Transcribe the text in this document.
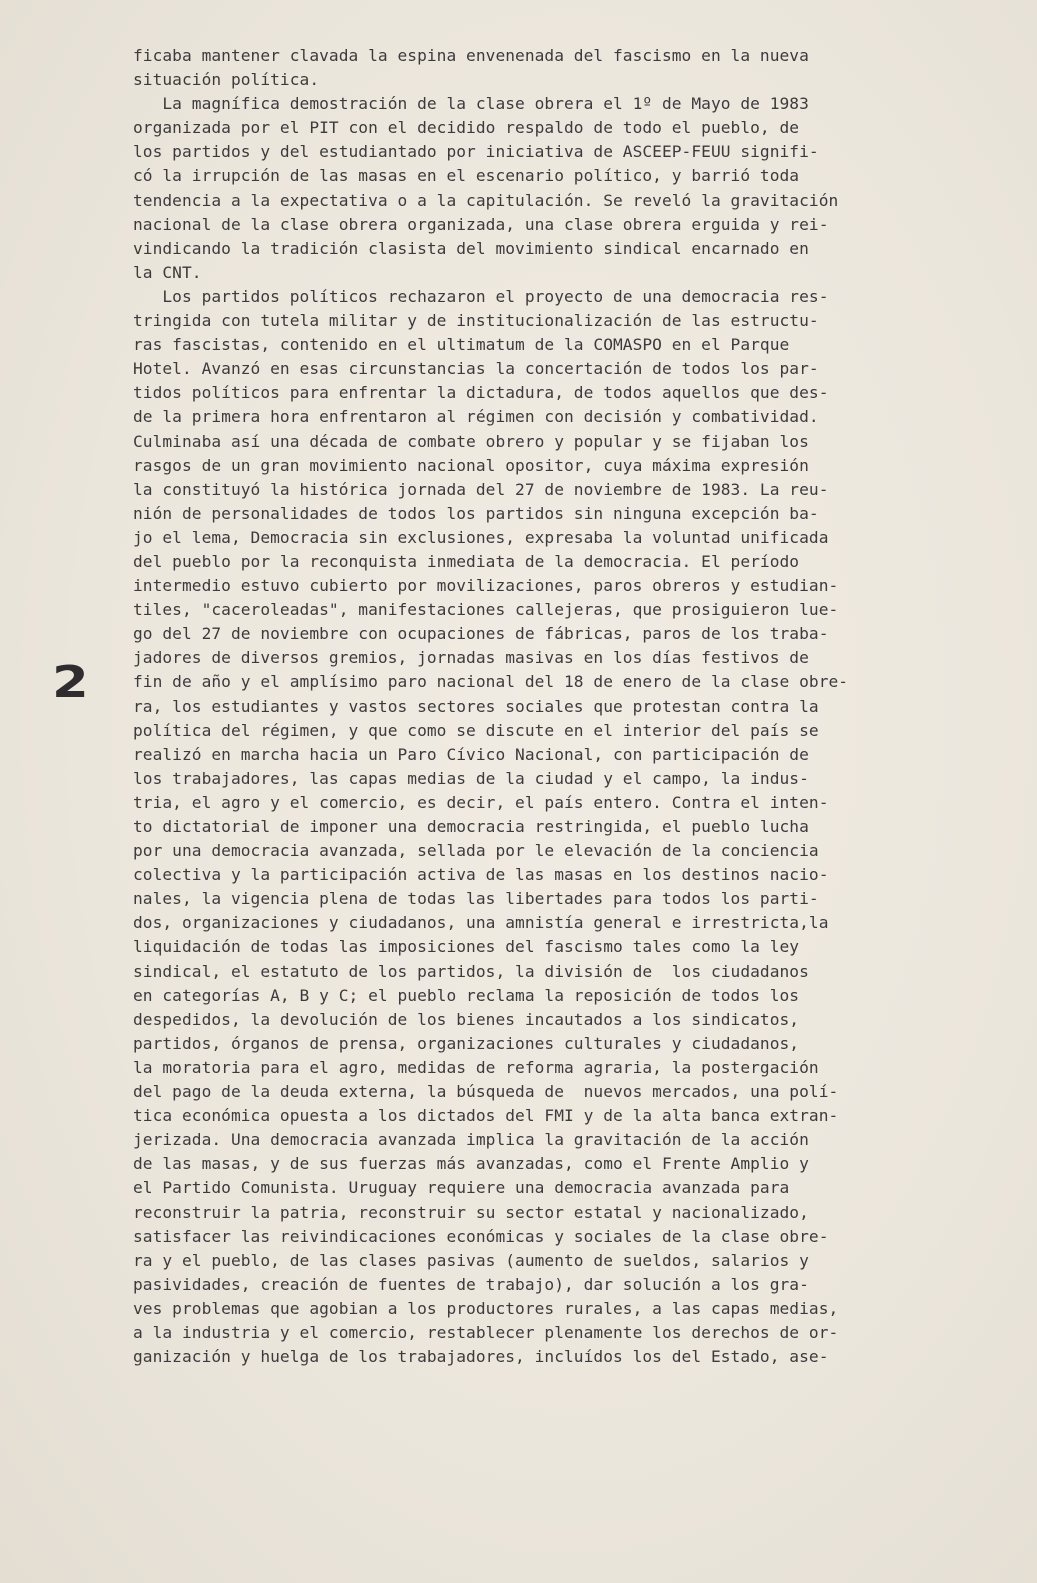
ficaba mantener clavada la espina envenenada del fascismo en la nueva
situación política.
La magnífica demostración de la clase obrera el 1º de Mayo de 1983
organizada por el PIT con el decidido respaldo de todo el pueblo, de
los partidos y del estudiantado por iniciativa de ASCEEP-FEUU signifi-
có la irrupción de las masas en el escenario político, y barrió toda
tendencia a la expectativa o a la capitulación. Se reveló la gravitación
nacional de la clase obrera organizada, una clase obrera erguida y rei-
vindicando la tradición clasista del movimiento sindical encarnado en
la CNT.
Los partidos políticos rechazaron el proyecto de una democracia res-
tringida con tutela militar y de institucionalización de las estructu-
ras fascistas, contenido en el ultimatum de la COMASPO en el Parque
Hotel. Avanzó en esas circunstancias la concertación de todos los par-
tidos políticos para enfrentar la dictadura, de todos aquellos que des-
de la primera hora enfrentaron al régimen con decisión y combatividad.
Culminaba así una década de combate obrero y popular y se fijaban los
rasgos de un gran movimiento nacional opositor, cuya máxima expresión
la constituyó la histórica jornada del 27 de noviembre de 1983. La reu-
nión de personalidades de todos los partidos sin ninguna excepción ba-
jo el lema, Democracia sin exclusiones, expresaba la voluntad unificada
del pueblo por la reconquista inmediata de la democracia. El período
intermedio estuvo cubierto por movilizaciones, paros obreros y estudian-
tiles, "caceroleadas", manifestaciones callejeras, que prosiguieron lue-
go del 27 de noviembre con ocupaciones de fábricas, paros de los traba-
jadores de diversos gremios, jornadas masivas en los días festivos de
fin de año y el amplísimo paro nacional del 18 de enero de la clase obre-
ra, los estudiantes y vastos sectores sociales que protestan contra la
política del régimen, y que como se discute en el interior del país se
realizó en marcha hacia un Paro Cívico Nacional, con participación de
los trabajadores, las capas medias de la ciudad y el campo, la indus-
tria, el agro y el comercio, es decir, el país entero. Contra el inten-
to dictatorial de imponer una democracia restringida, el pueblo lucha
por una democracia avanzada, sellada por le elevación de la conciencia
colectiva y la participación activa de las masas en los destinos nacio-
nales, la vigencia plena de todas las libertades para todos los parti-
dos, organizaciones y ciudadanos, una amnistía general e irrestricta,la
liquidación de todas las imposiciones del fascismo tales como la ley
sindical, el estatuto de los partidos, la división de  los ciudadanos
en categorías A, B y C; el pueblo reclama la reposición de todos los
despedidos, la devolución de los bienes incautados a los sindicatos,
partidos, órganos de prensa, organizaciones culturales y ciudadanos,
la moratoria para el agro, medidas de reforma agraria, la postergación
del pago de la deuda externa, la búsqueda de  nuevos mercados, una polí-
tica económica opuesta a los dictados del FMI y de la alta banca extran-
jerizada. Una democracia avanzada implica la gravitación de la acción
de las masas, y de sus fuerzas más avanzadas, como el Frente Amplio y
el Partido Comunista. Uruguay requiere una democracia avanzada para
reconstruir la patria, reconstruir su sector estatal y nacionalizado,
satisfacer las reivindicaciones económicas y sociales de la clase obre-
ra y el pueblo, de las clases pasivas (aumento de sueldos, salarios y
pasividades, creación de fuentes de trabajo), dar solución a los gra-
ves problemas que agobian a los productores rurales, a las capas medias,
a la industria y el comercio, restablecer plenamente los derechos de or-
ganización y huelga de los trabajadores, incluídos los del Estado, ase-
2
